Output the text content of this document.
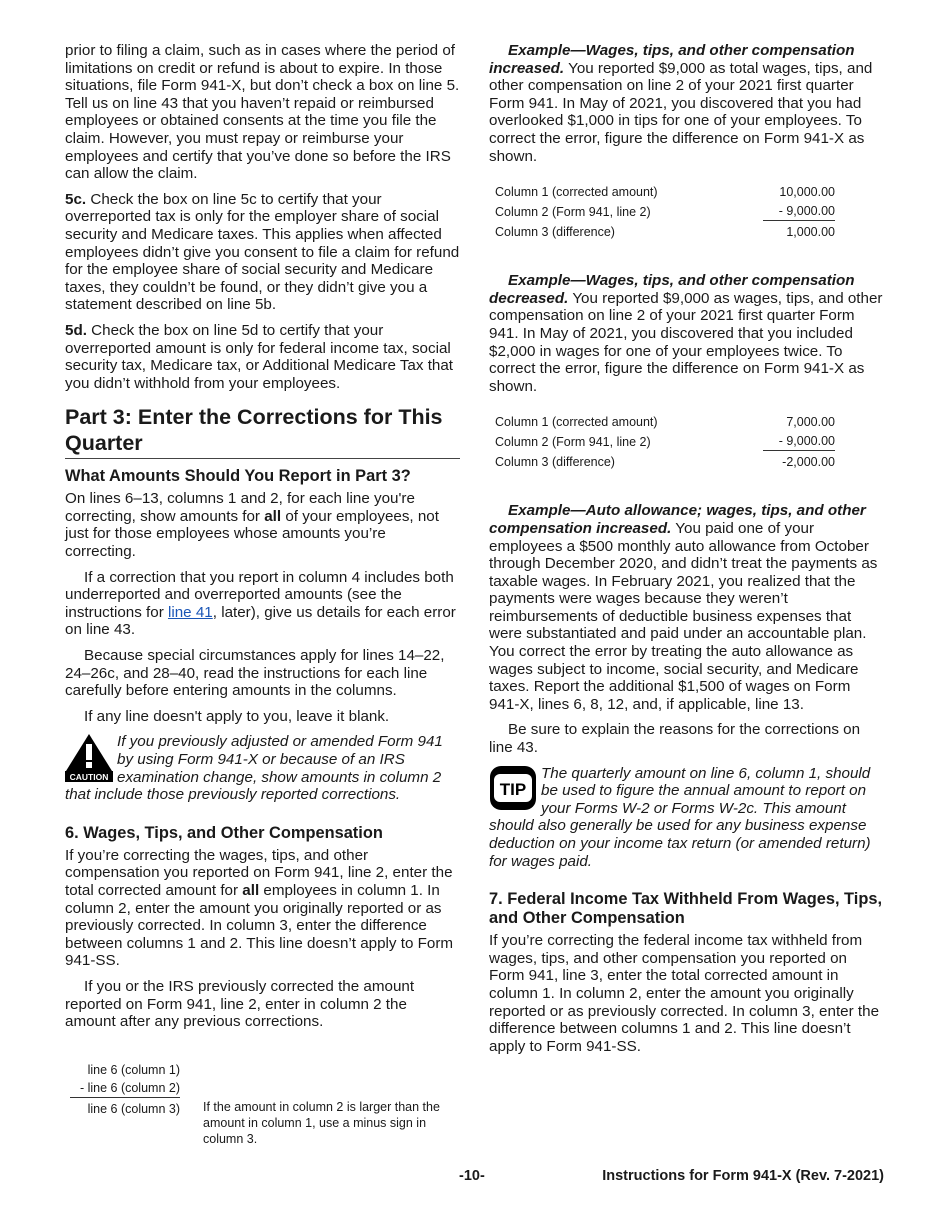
prior to filing a claim, such as in cases where the period of limitations on credit or refund is about to expire. In those situations, file Form 941-X, but don’t check a box on line 5. Tell us on line 43 that you haven’t repaid or reimbursed employees or obtained consents at the time you file the claim. However, you must repay or reimburse your employees and certify that you’ve done so before the IRS can allow the claim.

5c. Check the box on line 5c to certify that your overreported tax is only for the employer share of social security and Medicare taxes. This applies when affected employees didn’t give you consent to file a claim for refund for the employee share of social security and Medicare taxes, they couldn’t be found, or they didn’t give you a statement described on line 5b.

5d. Check the box on line 5d to certify that your overreported amount is only for federal income tax, social security tax, Medicare tax, or Additional Medicare Tax that you didn’t withhold from your employees.

Part 3: Enter the Corrections for This Quarter
What Amounts Should You Report in Part 3?

On lines 6–13, columns 1 and 2, for each line you're correcting, show amounts for all of your employees, not just for those employees whose amounts you’re correcting.

If a correction that you report in column 4 includes both underreported and overreported amounts (see the instructions for line 41, later), give us details for each error on line 43.

Because special circumstances apply for lines 14–22, 24–26c, and 28–40, read the instructions for each line carefully before entering amounts in the columns.

If any line doesn't apply to you, leave it blank.

CAUTION
If you previously adjusted or amended Form 941 by using Form 941-X or because of an IRS examination change, show amounts in column 2 that include those previously reported corrections.
6. Wages, Tips, and Other Compensation

If you’re correcting the wages, tips, and other compensation you reported on Form 941, line 2, enter the total corrected amount for all employees in column 1. In column 2, enter the amount you originally reported or as previously corrected. In column 3, enter the difference between columns 1 and 2. This line doesn’t apply to Form 941-SS.

If you or the IRS previously corrected the amount reported on Form 941, line 2, enter in column 2 the amount after any previous corrections.

line 6 (column 1)
- line 6 (column 2)
line 6 (column 3) If the amount in column 2 is larger than the amount in column 1, use a minus sign in column 3.

Example—Wages, tips, and other compensation increased. You reported $9,000 as total wages, tips, and other compensation on line 2 of your 2021 first quarter Form 941. In May of 2021, you discovered that you had overlooked $1,000 in tips for one of your employees. To correct the error, figure the difference on Form 941-X as shown.

Column 1 (corrected amount)	10,000.00
Column 2 (Form 941, line 2)	- 9,000.00
Column 3 (difference)	1,000.00

Example—Wages, tips, and other compensation decreased. You reported $9,000 as wages, tips, and other compensation on line 2 of your 2021 first quarter Form 941. In May of 2021, you discovered that you included $2,000 in wages for one of your employees twice. To correct the error, figure the difference on Form 941-X as shown.

Column 1 (corrected amount)	7,000.00
Column 2 (Form 941, line 2)	- 9,000.00
Column 3 (difference)	-2,000.00

Example—Auto allowance; wages, tips, and other compensation increased. You paid one of your employees a $500 monthly auto allowance from October through December 2020, and didn’t treat the payments as taxable wages. In February 2021, you realized that the payments were wages because they weren’t reimbursements of deductible business expenses that were substantiated and paid under an accountable plan. You correct the error by treating the auto allowance as wages subject to income, social security, and Medicare taxes. Report the additional $1,500 of wages on Form 941-X, lines 6, 8, 12, and, if applicable, line 13.

Be sure to explain the reasons for the corrections on line 43.

TIP
The quarterly amount on line 6, column 1, should be used to figure the annual amount to report on your Forms W-2 or Forms W-2c. This amount should also generally be used for any business expense deduction on your income tax return (or amended return) for wages paid.
7. Federal Income Tax Withheld From Wages, Tips, and Other Compensation

If you’re correcting the federal income tax withheld from wages, tips, and other compensation you reported on Form 941, line 3, enter the total corrected amount in column 1. In column 2, enter the amount you originally reported or as previously corrected. In column 3, enter the difference between columns 1 and 2. This line doesn’t apply to Form 941-SS.

-10-	Instructions for Form 941-X (Rev. 7-2021)
